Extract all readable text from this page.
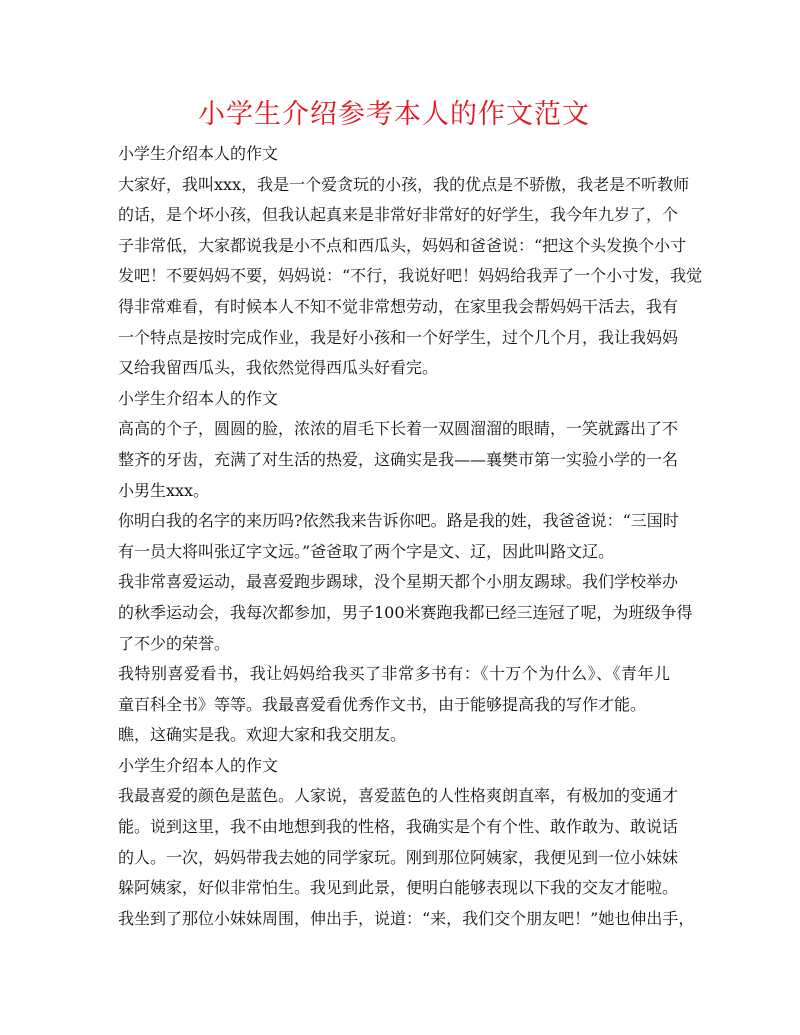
小学生介绍参考本人的作文范文
小学生介绍本人的作文
大家好，我叫xxx，我是一个爱贪玩的小孩，我的优点是不骄傲，我老是不听教师
的话，是个坏小孩，但我认起真来是非常好非常好的好学生，我今年九岁了，个
子非常低，大家都说我是小不点和西瓜头，妈妈和爸爸说：“把这个头发换个小寸
发吧！不要妈妈不要，妈妈说：“不行，我说好吧！妈妈给我弄了一个小寸发，我觉
得非常难看，有时候本人不知不觉非常想劳动，在家里我会帮妈妈干活去，我有
一个特点是按时完成作业，我是好小孩和一个好学生，过个几个月，我让我妈妈
又给我留西瓜头，我依然觉得西瓜头好看完。
小学生介绍本人的作文
高高的个子，圆圆的脸，浓浓的眉毛下长着一双圆溜溜的眼睛，一笑就露出了不
整齐的牙齿，充满了对生活的热爱，这确实是我——襄樊市第一实验小学的一名
小男生xxx。
你明白我的名字的来历吗?依然我来告诉你吧。路是我的姓，我爸爸说：“三国时
有一员大将叫张辽字文远。”爸爸取了两个字是文、辽，因此叫路文辽。
我非常喜爱运动，最喜爱跑步踢球，没个星期天都个小朋友踢球。我们学校举办
的秋季运动会，我每次都参加，男子100米赛跑我都已经三连冠了呢，为班级争得
了不少的荣誉。
我特别喜爱看书，我让妈妈给我买了非常多书有：《十万个为什么》、《青年儿
童百科全书》等等。我最喜爱看优秀作文书，由于能够提高我的写作才能。
瞧，这确实是我。欢迎大家和我交朋友。
小学生介绍本人的作文
我最喜爱的颜色是蓝色。人家说，喜爱蓝色的人性格爽朗直率，有极加的变通才
能。说到这里，我不由地想到我的性格，我确实是个有个性、敢作敢为、敢说话
的人。一次，妈妈带我去她的同学家玩。刚到那位阿姨家，我便见到一位小妹妹
躲阿姨家，好似非常怕生。我见到此景，便明白能够表现以下我的交友才能啦。
我坐到了那位小妹妹周围，伸出手，说道：“来，我们交个朋友吧！”她也伸出手，
